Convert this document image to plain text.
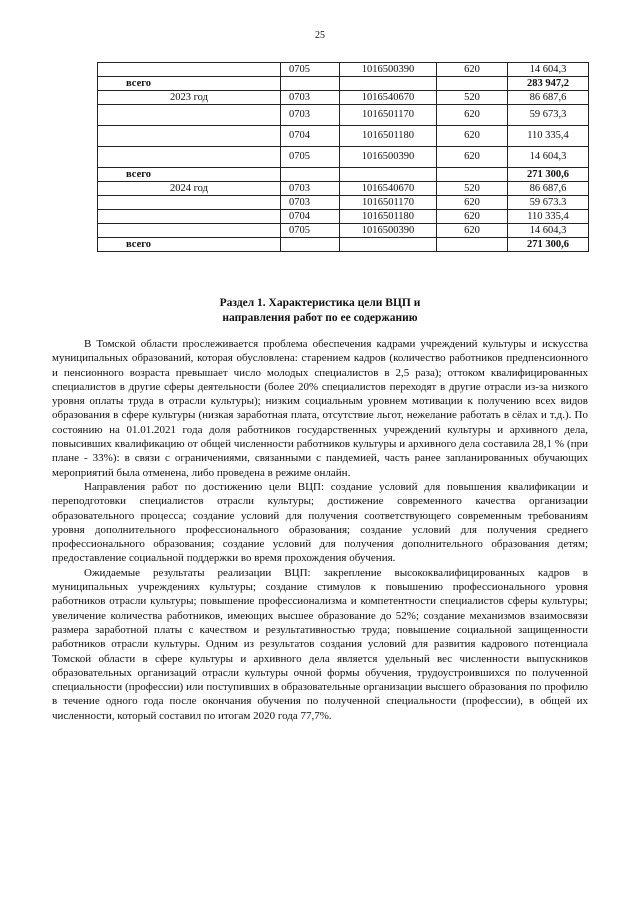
25
	0705	1016500390	620	14 604,3
всего				283 947,2
2023 год	0703	1016540670	520	86 687,6
	0703	1016501170	620	59 673,3
	0704	1016501180	620	110 335,4
	0705	1016500390	620	14 604,3
всего				271 300,6
2024 год	0703	1016540670	520	86 687,6
	0703	1016501170	620	59 673.3
	0704	1016501180	620	110 335,4
	0705	1016500390	620	14 604,3
всего				271 300,6
Раздел 1. Характеристика цели ВЦП и
направления работ по ее содержанию

В Томской области прослеживается проблема обеспечения кадрами учреждений культуры и искусства муниципальных образований, которая обусловлена: старением кадров (количество работников предпенсионного и пенсионного возраста превышает число молодых специалистов в 2,5 раза); оттоком квалифицированных специалистов в другие сферы деятельности (более 20% специалистов переходят в другие отрасли из-за низкого уровня оплаты труда в отрасли культуры); низким социальным уровнем мотивации к получению всех видов образования в сфере культуры (низкая заработная плата, отсутствие льгот, нежелание работать в сёлах и т.д.). По состоянию на 01.01.2021 года доля работников государственных учреждений культуры и архивного дела, повысивших квалификацию от общей численности работников культуры и архивного дела составила 28,1 % (при плане - 33%): в связи с ограничениями, связанными с пандемией, часть ранее запланированных обучающих мероприятий была отменена, либо проведена в режиме онлайн.

Направления работ по достижению цели ВЦП: создание условий для повышения квалификации и переподготовки специалистов отрасли культуры; достижение современного качества организации образовательного процесса; создание условий для получения соответствующего современным требованиям уровня дополнительного профессионального образования; создание условий для получения среднего профессионального образования; создание условий для получения дополнительного образования детям; предоставление социальной поддержки во время прохождения обучения.

Ожидаемые результаты реализации ВЦП: закрепление высококвалифицированных кадров в муниципальных учреждениях культуры; создание стимулов к повышению профессионального уровня работников отрасли культуры; повышение профессионализма и компетентности специалистов сферы культуры; увеличение количества работников, имеющих высшее образование до 52%; создание механизмов взаимосвязи размера заработной платы с качеством и результативностью труда; повышение социальной защищенности работников отрасли культуры. Одним из результатов создания условий для развития кадрового потенциала Томской области в сфере культуры и архивного дела является удельный вес численности выпускников образовательных организаций отрасли культуры очной формы обучения, трудоустроившихся по полученной специальности (профессии) или поступивших в образовательные организации высшего образования по профилю в течение одного года после окончания обучения по полученной специальности (профессии), в общей их численности, который составил по итогам 2020 года 77,7%.
